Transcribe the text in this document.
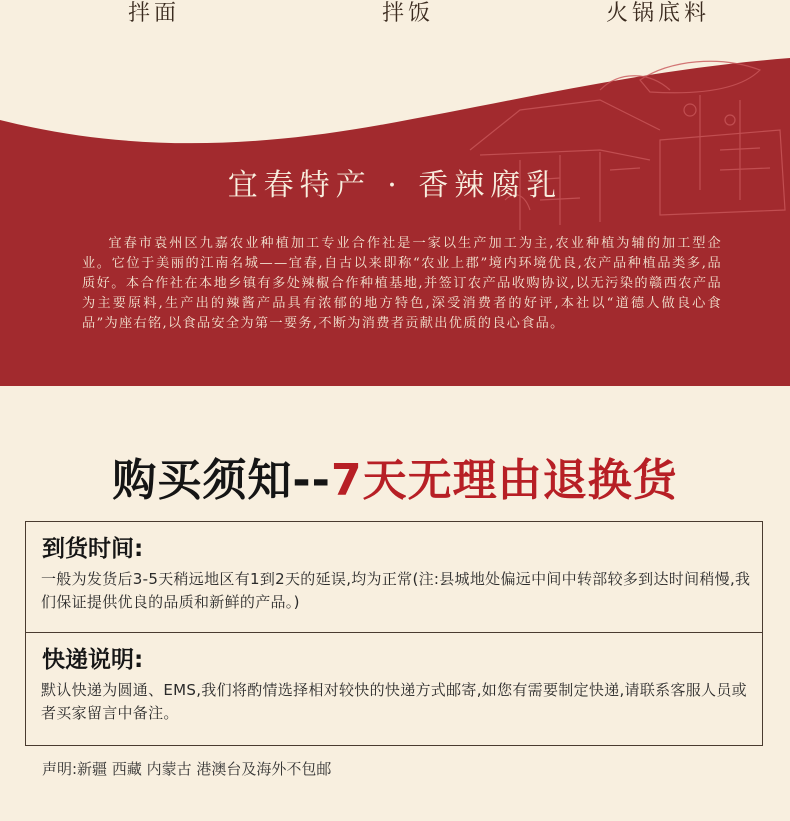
拌面	拌饭	火锅底料
宜春特产 · 香辣腐乳
宜春市袁州区九嘉农业种植加工专业合作社是一家以生产加工为主,农业种植为辅的加工型企业。它位于美丽的江南名城——宜春,自古以来即称“农业上郡”境内环境优良,农产品种植品类多,品质好。本合作社在本地乡镇有多处辣椒合作种植基地,并签订农产品收购协议,以无污染的赣西农产品为主要原料,生产出的辣酱产品具有浓郁的地方特色,深受消费者的好评,本社以“道德人做良心食品”为座右铭,以食品安全为第一要务,不断为消费者贡献出优质的良心食品。
购买须知--7天无理由退换货
到货时间:
一般为发货后3-5天稍远地区有1到2天的延误,均为正常(注:县城地处偏远中间中转部较多到达时间稍慢,我们保证提供优良的品质和新鲜的产品。)
快递说明:
默认快递为圆通、EMS,我们将酌情选择相对较快的快递方式邮寄,如您有需要制定快递,请联系客服人员或者买家留言中备注。
声明:新疆 西藏 内蒙古 港澳台及海外不包邮
